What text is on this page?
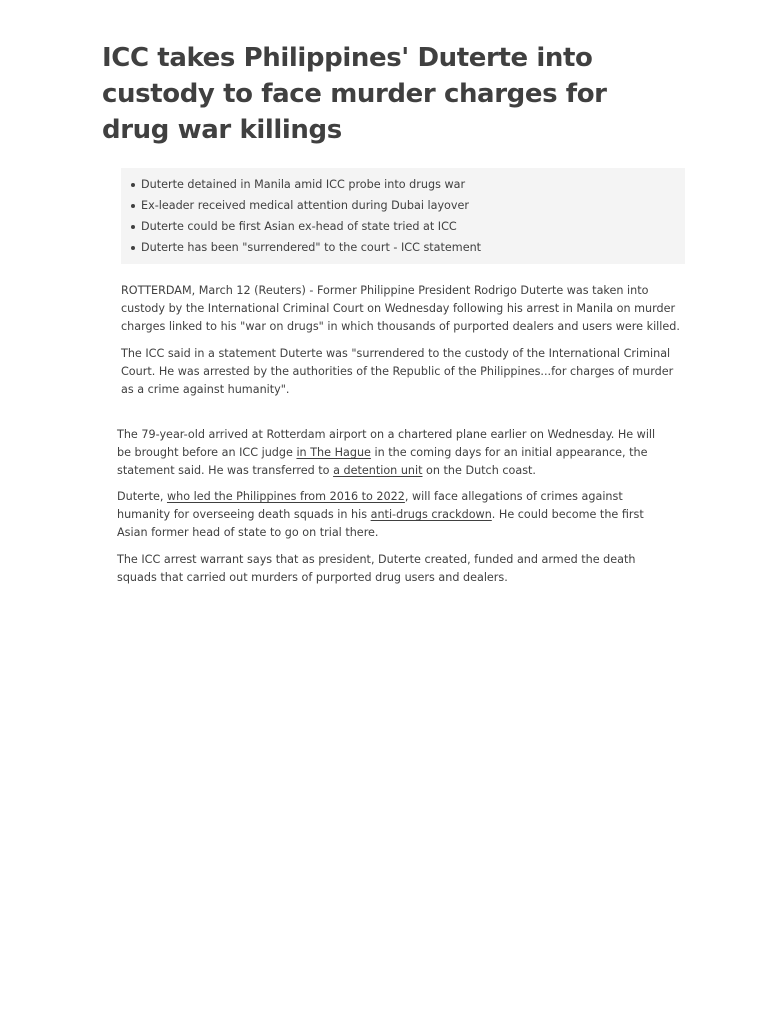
ICC takes Philippines' Duterte into custody to face murder charges for drug war killings
Duterte detained in Manila amid ICC probe into drugs war
Ex-leader received medical attention during Dubai layover
Duterte could be first Asian ex-head of state tried at ICC
Duterte has been "surrendered" to the court - ICC statement

ROTTERDAM, March 12 (Reuters) - Former Philippine President Rodrigo Duterte was taken into custody by the International Criminal Court on Wednesday following his arrest in Manila on murder charges linked to his "war on drugs" in which thousands of purported dealers and users were killed.

The ICC said in a statement Duterte was "surrendered to the custody of the International Criminal Court. He was arrested by the authorities of the Republic of the Philippines...for charges of murder as a crime against humanity".

The 79-year-old arrived at Rotterdam airport on a chartered plane earlier on Wednesday. He will be brought before an ICC judge in The Hague in the coming days for an initial appearance, the statement said. He was transferred to a detention unit on the Dutch coast.

Duterte, who led the Philippines from 2016 to 2022, will face allegations of crimes against humanity for overseeing death squads in his anti-drugs crackdown. He could become the first Asian former head of state to go on trial there.

The ICC arrest warrant says that as president, Duterte created, funded and armed the death squads that carried out murders of purported drug users and dealers.
